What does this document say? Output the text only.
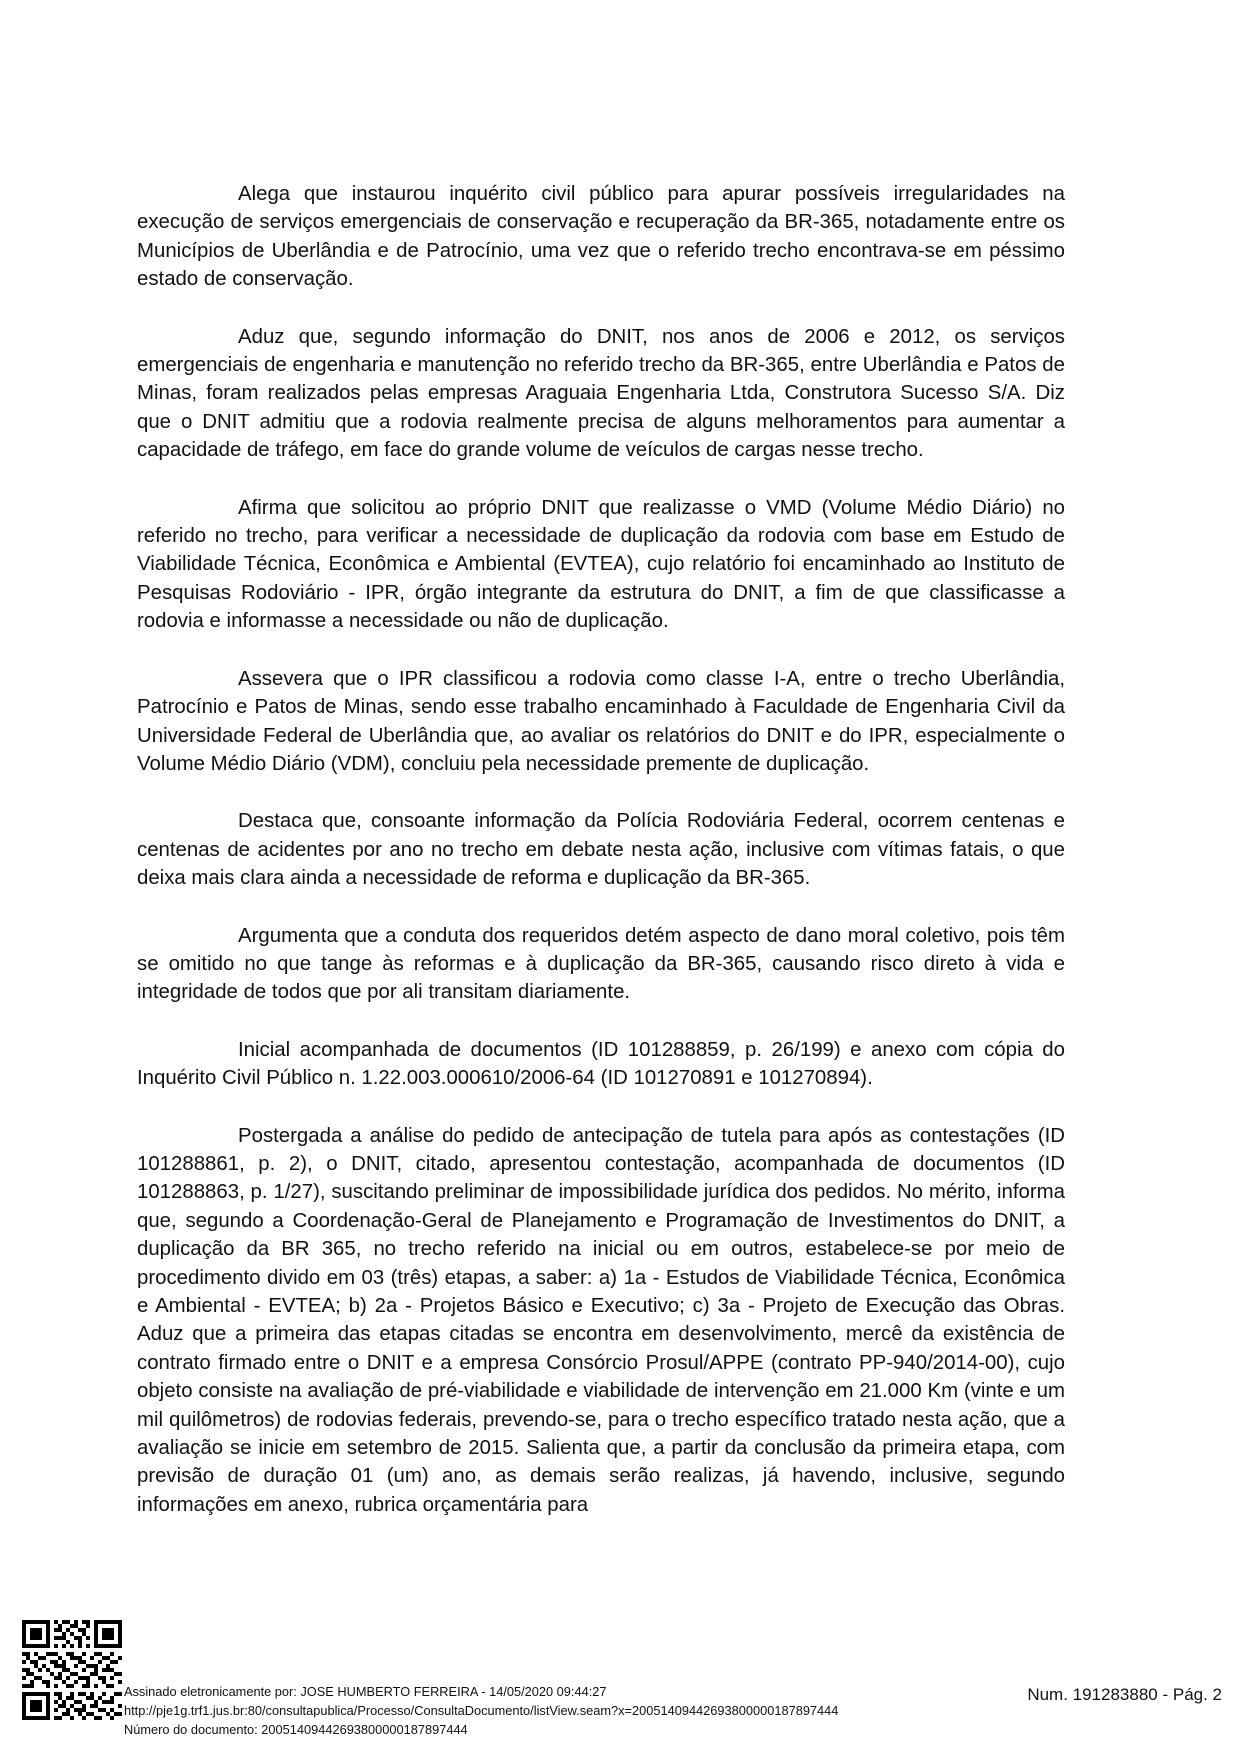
Alega que instaurou inquérito civil público para apurar possíveis irregularidades na execução de serviços emergenciais de conservação e recuperação da BR-365, notadamente entre os Municípios de Uberlândia e de Patrocínio, uma vez que o referido trecho encontrava-se em péssimo estado de conservação.

Aduz que, segundo informação do DNIT, nos anos de 2006 e 2012, os serviços emergenciais de engenharia e manutenção no referido trecho da BR-365, entre Uberlândia e Patos de Minas, foram realizados pelas empresas Araguaia Engenharia Ltda, Construtora Sucesso S/A. Diz que o DNIT admitiu que a rodovia realmente precisa de alguns melhoramentos para aumentar a capacidade de tráfego, em face do grande volume de veículos de cargas nesse trecho.

Afirma que solicitou ao próprio DNIT que realizasse o VMD (Volume Médio Diário) no referido no trecho, para verificar a necessidade de duplicação da rodovia com base em Estudo de Viabilidade Técnica, Econômica e Ambiental (EVTEA), cujo relatório foi encaminhado ao Instituto de Pesquisas Rodoviário - IPR, órgão integrante da estrutura do DNIT, a fim de que classificasse a rodovia e informasse a necessidade ou não de duplicação.

Assevera que o IPR classificou a rodovia como classe I-A, entre o trecho Uberlândia, Patrocínio e Patos de Minas, sendo esse trabalho encaminhado à Faculdade de Engenharia Civil da Universidade Federal de Uberlândia que, ao avaliar os relatórios do DNIT e do IPR, especialmente o Volume Médio Diário (VDM), concluiu pela necessidade premente de duplicação.

Destaca que, consoante informação da Polícia Rodoviária Federal, ocorrem centenas e centenas de acidentes por ano no trecho em debate nesta ação, inclusive com vítimas fatais, o que deixa mais clara ainda a necessidade de reforma e duplicação da BR-365.

Argumenta que a conduta dos requeridos detém aspecto de dano moral coletivo, pois têm se omitido no que tange às reformas e à duplicação da BR-365, causando risco direto à vida e integridade de todos que por ali transitam diariamente.

Inicial acompanhada de documentos (ID 101288859, p. 26/199) e anexo com cópia do Inquérito Civil Público n. 1.22.003.000610/2006-64 (ID 101270891 e 101270894).

Postergada a análise do pedido de antecipação de tutela para após as contestações (ID 101288861, p. 2), o DNIT, citado, apresentou contestação, acompanhada de documentos (ID 101288863, p. 1/27), suscitando preliminar de impossibilidade jurídica dos pedidos. No mérito, informa que, segundo a Coordenação-Geral de Planejamento e Programação de Investimentos do DNIT, a duplicação da BR 365, no trecho referido na inicial ou em outros, estabelece-se por meio de procedimento divido em 03 (três) etapas, a saber: a) 1a - Estudos de Viabilidade Técnica, Econômica e Ambiental - EVTEA; b) 2a - Projetos Básico e Executivo; c) 3a - Projeto de Execução das Obras. Aduz que a primeira das etapas citadas se encontra em desenvolvimento, mercê da existência de contrato firmado entre o DNIT e a empresa Consórcio Prosul/APPE (contrato PP-940/2014-00), cujo objeto consiste na avaliação de pré-viabilidade e viabilidade de intervenção em 21.000 Km (vinte e um mil quilômetros) de rodovias federais, prevendo-se, para o trecho específico tratado nesta ação, que a avaliação se inicie em setembro de 2015. Salienta que, a partir da conclusão da primeira etapa, com previsão de duração 01 (um) ano, as demais serão realizas, já havendo, inclusive, segundo informações em anexo, rubrica orçamentária para

Assinado eletronicamente por: JOSE HUMBERTO FERREIRA - 14/05/2020 09:44:27
http://pje1g.trf1.jus.br:80/consultapublica/Processo/ConsultaDocumento/listView.seam?x=20051409442693800000187897444
Número do documento: 20051409442693800000187897444
Num. 191283880 - Pág. 2
